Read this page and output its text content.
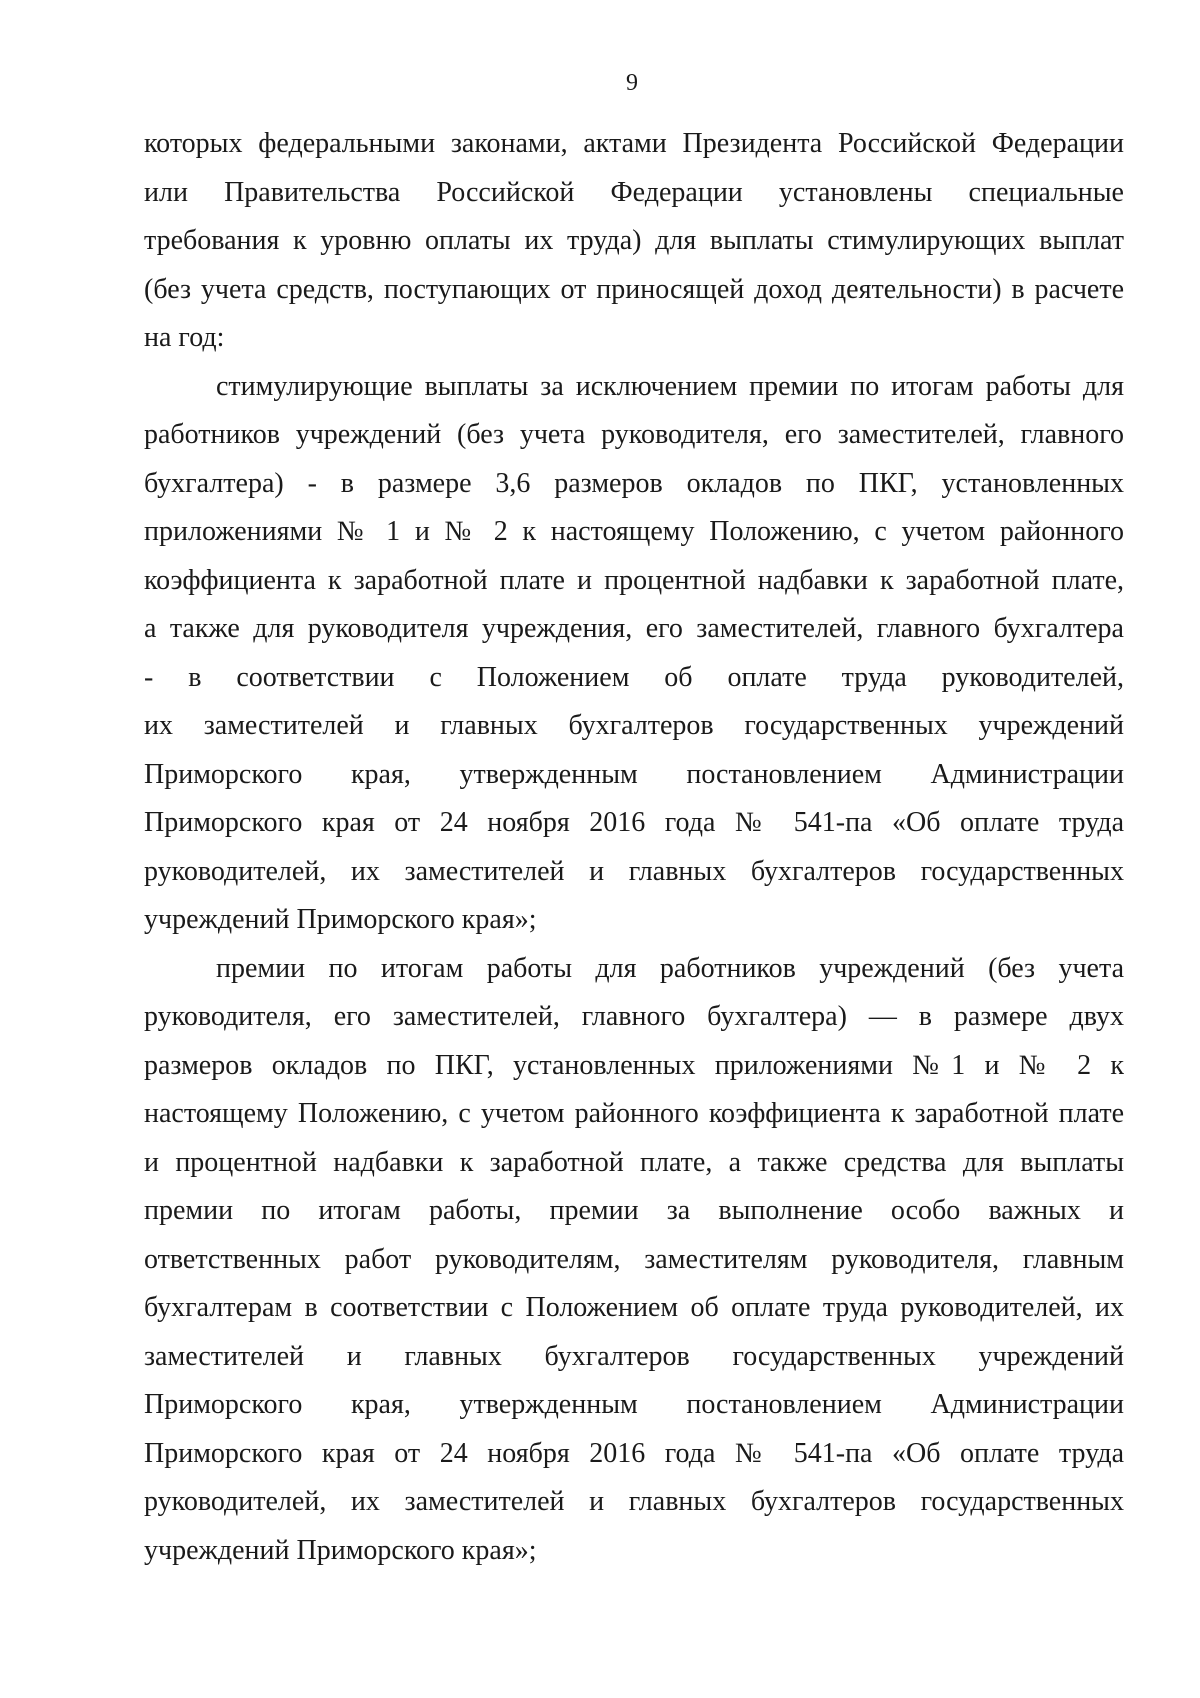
9
которых федеральными законами, актами Президента Российской Федерации
или Правительства Российской Федерации установлены специальные
требования к уровню оплаты их труда) для выплаты стимулирующих выплат
(без учета средств, поступающих от приносящей доход деятельности) в расчете
на год:
стимулирующие выплаты за исключением премии по итогам работы для
работников учреждений (без учета руководителя, его заместителей, главного
бухгалтера) - в размере 3,6 размеров окладов по ПКГ, установленных
приложениями № 1 и № 2 к настоящему Положению, с учетом районного
коэффициента к заработной плате и процентной надбавки к заработной плате,
а также для руководителя учреждения, его заместителей, главного бухгалтера
- в соответствии с Положением об оплате труда руководителей,
их заместителей и главных бухгалтеров государственных учреждений
Приморского края, утвержденным постановлением Администрации
Приморского края от 24 ноября 2016 года № 541-па «Об оплате труда
руководителей, их заместителей и главных бухгалтеров государственных
учреждений Приморского края»;
премии по итогам работы для работников учреждений (без учета
руководителя, его заместителей, главного бухгалтера) — в размере двух
размеров окладов по ПКГ, установленных приложениями №1 и № 2 к
настоящему Положению, с учетом районного коэффициента к заработной плате
и процентной надбавки к заработной плате, а также средства для выплаты
премии по итогам работы, премии за выполнение особо важных и
ответственных работ руководителям, заместителям руководителя, главным
бухгалтерам в соответствии с Положением об оплате труда руководителей, их
заместителей и главных бухгалтеров государственных учреждений
Приморского края, утвержденным постановлением Администрации
Приморского края от 24 ноября 2016 года № 541-па «Об оплате труда
руководителей, их заместителей и главных бухгалтеров государственных
учреждений Приморского края»;
